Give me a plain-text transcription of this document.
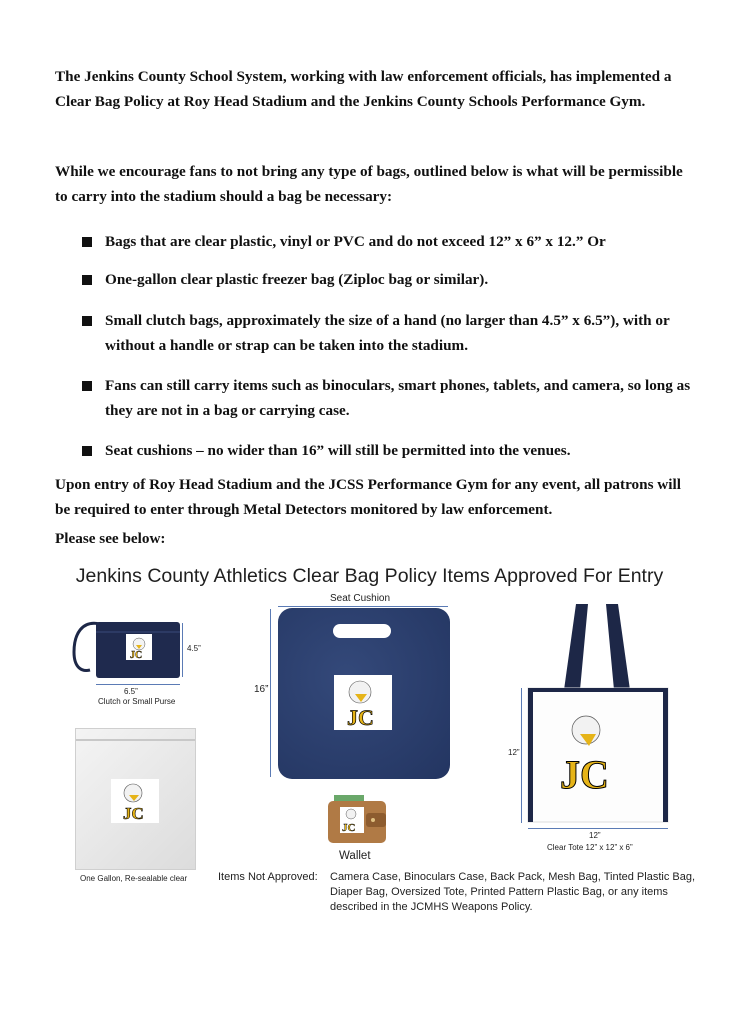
The Jenkins County School System, working with law enforcement officials, has implemented a Clear Bag Policy at Roy Head Stadium and the Jenkins County Schools Performance Gym.
While we encourage fans to not bring any type of bags, outlined below is what will be permissible to carry into the stadium should a bag be necessary:
Bags that are clear plastic, vinyl or PVC and do not exceed 12” x 6” x 12.” Or
One-gallon clear plastic freezer bag (Ziploc bag or similar).
Small clutch bags, approximately the size of a hand (no larger than 4.5” x 6.5”), with or without a handle or strap can be taken into the stadium.
Fans can still carry items such as binoculars, smart phones, tablets, and camera, so long as they are not in a bag or carrying case.
Seat cushions – no wider than 16” will still be permitted into the venues.
Upon entry of Roy Head Stadium and the JCSS Performance Gym for any event, all patrons will be required to enter through Metal Detectors monitored by law enforcement.
Please see below:
Jenkins County Athletics Clear Bag Policy Items Approved For Entry
JC
4.5”
6.5”
Clutch or Small Purse
JC
One Gallon, Re-sealable clear
Seat Cushion
16”
JC
JC
Wallet
JC
12”
12”
Clear Tote 12” x 12” x 6”
Items Not Approved: Camera Case, Binoculars Case, Back Pack, Mesh Bag, Tinted Plastic Bag,
Diaper Bag, Oversized Tote, Printed Pattern Plastic Bag, or any items
described in the JCMHS Weapons Policy.
